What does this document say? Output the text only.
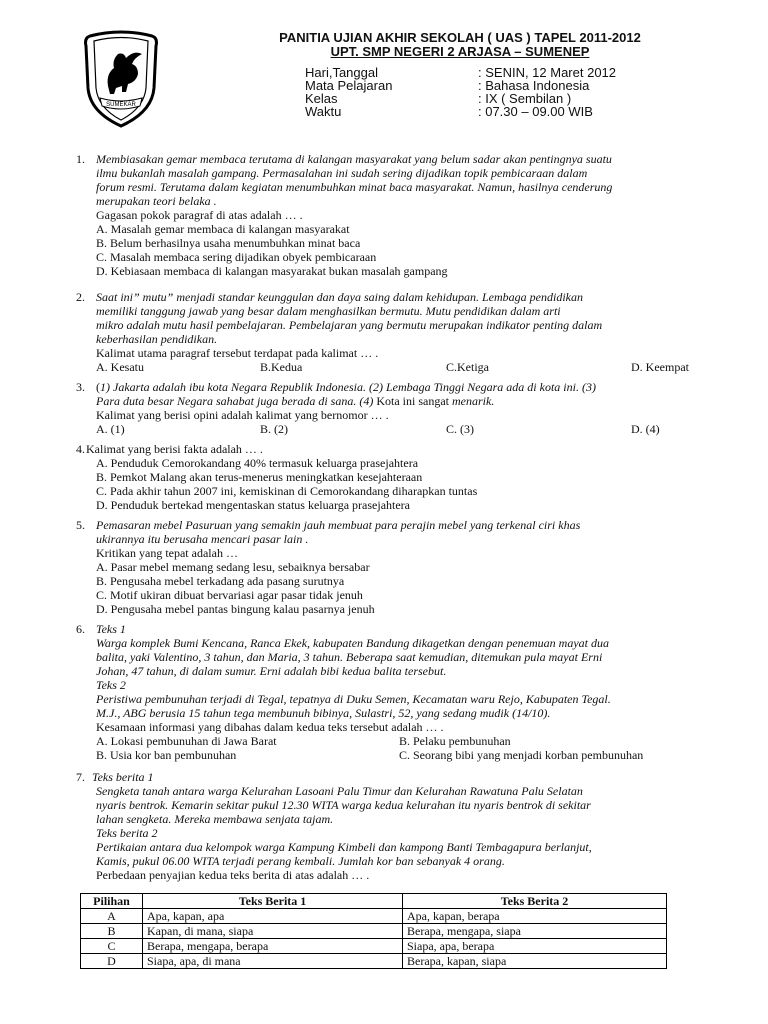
SUMEKAR
PANITIA UJIAN AKHIR SEKOLAH ( UAS ) TAPEL 2011-2012
UPT. SMP NEGERI 2 ARJASA – SUMENEP
Hari,Tanggal	: SENIN, 12 Maret 2012
Mata Pelajaran	: Bahasa Indonesia
Kelas	: IX ( Sembilan )
Waktu	: 07.30 – 09.00 WIB
1. Membiasakan gemar membaca terutama di kalangan masyarakat yang belum sadar akan pentingnya suatu
ilmu bukanlah masalah gampang. Permasalahan ini sudah sering dijadikan topik pembicaraan dalam
forum resmi. Terutama dalam kegiatan menumbuhkan minat baca masyarakat. Namun, hasilnya cenderung
merupakan teori belaka .
Gagasan pokok paragraf di atas adalah … .
A. Masalah gemar membaca di kalangan masyarakat
B. Belum berhasilnya usaha menumbuhkan minat baca
C. Masalah membaca sering dijadikan obyek pembicaraan
D. Kebiasaan membaca di kalangan masyarakat bukan masalah gampang
2. Saat ini” mutu” menjadi standar keunggulan dan daya saing dalam kehidupan. Lembaga pendidikan
memiliki tanggung jawab yang besar dalam menghasilkan bermutu. Mutu pendidikan dalam arti
mikro adalah mutu hasil pembelajaran. Pembelajaran yang bermutu merupakan indikator penting dalam
keberhasilan pendidikan.
Kalimat utama paragraf tersebut terdapat pada kalimat … .
A. Kesatu	B.Kedua	C.Ketiga	D. Keempat
3. (1) Jakarta adalah ibu kota Negara Republik Indonesia. (2) Lembaga Tinggi Negara ada di kota ini. (3)
Para duta besar Negara sahabat juga berada di sana. (4) Kota ini sangat menarik.
Kalimat yang berisi opini adalah kalimat yang bernomor … .
A. (1)	B. (2)	C. (3)	D. (4)
4. Kalimat yang berisi fakta adalah … .
A. Penduduk Cemorokandang 40% termasuk keluarga prasejahtera
B. Pemkot Malang akan terus-menerus meningkatkan kesejahteraan
C. Pada akhir tahun 2007 ini, kemiskinan di Cemorokandang diharapkan tuntas
D. Penduduk bertekad mengentaskan status keluarga prasejahtera
5. Pemasaran mebel Pasuruan yang semakin jauh membuat para perajin mebel yang terkenal ciri khas
ukirannya itu berusaha mencari pasar lain .
Kritikan yang tepat adalah …
A. Pasar mebel memang sedang lesu, sebaiknya bersabar
B. Pengusaha mebel terkadang ada pasang surutnya
C. Motif ukiran dibuat bervariasi agar pasar tidak jenuh
D. Pengusaha mebel pantas bingung kalau pasarnya jenuh
6. Teks 1
Warga komplek Bumi Kencana, Ranca Ekek, kabupaten Bandung dikagetkan dengan penemuan mayat dua
balita, yaki Valentino, 3 tahun, dan Maria, 3 tahun. Beberapa saat kemudian, ditemukan pula mayat Erni
Johan, 47 tahun, di dalam sumur. Erni adalah bibi kedua balita tersebut.
Teks 2
Peristiwa pembunuhan terjadi di Tegal, tepatnya di Duku Semen, Kecamatan waru Rejo, Kabupaten Tegal.
M.J., ABG berusia 15 tahun tega membunuh bibinya, Sulastri, 52, yang sedang mudik (14/10).
Kesamaan informasi yang dibahas dalam kedua teks tersebut adalah … .
A. Lokasi pembunuhan di Jawa Barat	B. Pelaku pembunuhan
B. Usia kor ban pembunuhan	C. Seorang bibi yang menjadi korban pembunuhan
7. Teks berita 1
Sengketa tanah antara warga Kelurahan Lasoani Palu Timur dan Kelurahan Rawatuna Palu Selatan
nyaris bentrok. Kemarin sekitar pukul 12.30 WITA warga kedua kelurahan itu nyaris bentrok di sekitar
lahan sengketa. Mereka membawa senjata tajam.
Teks berita 2
Pertikaian antara dua kelompok warga Kampung Kimbeli dan kampong Banti Tembagapura berlanjut,
Kamis, pukul 06.00 WITA terjadi perang kembali. Jumlah kor ban sebanyak 4 orang.
Perbedaan penyajian kedua teks berita di atas adalah … .
Pilihan	Teks Berita 1	Teks Berita 2
A	Apa, kapan, apa	Apa, kapan, berapa
B	Kapan, di mana, siapa	Berapa, mengapa, siapa
C	Berapa, mengapa, berapa	Siapa, apa, berapa
D	Siapa, apa, di mana	Berapa, kapan, siapa
